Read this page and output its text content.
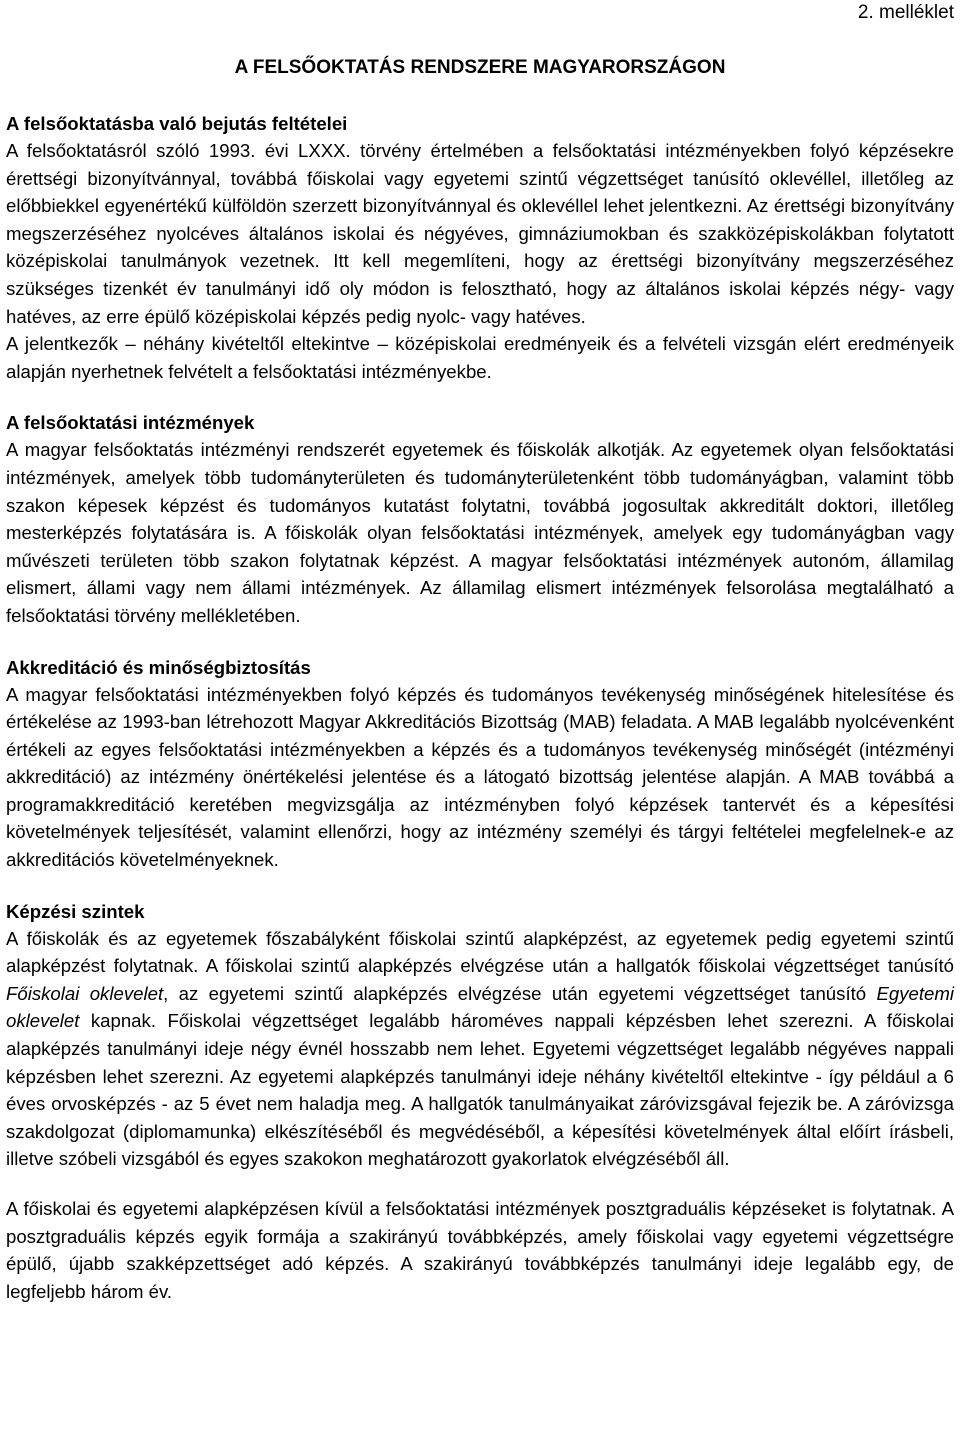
2. melléklet
A FELSŐOKTATÁS RENDSZERE MAGYARORSZÁGON
A felsőoktatásba való bejutás feltételei

A felsőoktatásról szóló 1993. évi LXXX. törvény értelmében a felsőoktatási intézményekben folyó képzésekre érettségi bizonyítvánnyal, továbbá főiskolai vagy egyetemi szintű végzettséget tanúsító oklevéllel, illetőleg az előbbiekkel egyenértékű külföldön szerzett bizonyítvánnyal és oklevéllel lehet jelentkezni. Az érettségi bizonyítvány megszerzéséhez nyolcéves általános iskolai és négyéves, gimnáziumokban és szakközépiskolákban folytatott középiskolai tanulmányok vezetnek. Itt kell megemlíteni, hogy az érettségi bizonyítvány megszerzéséhez szükséges tizenkét év tanulmányi idő oly módon is felosztható, hogy az általános iskolai képzés négy- vagy hatéves, az erre épülő középiskolai képzés pedig nyolc- vagy hatéves.

A jelentkezők – néhány kivételtől eltekintve – középiskolai eredményeik és a felvételi vizsgán elért eredményeik alapján nyerhetnek felvételt a felsőoktatási intézményekbe.

A felsőoktatási intézmények

A magyar felsőoktatás intézményi rendszerét egyetemek és főiskolák alkotják. Az egyetemek olyan felsőoktatási intézmények, amelyek több tudományterületen és tudományterületenként több tudományágban, valamint több szakon képesek képzést és tudományos kutatást folytatni, továbbá jogosultak akkreditált doktori, illetőleg mesterképzés folytatására is. A főiskolák olyan felsőoktatási intézmények, amelyek egy tudományágban vagy művészeti területen több szakon folytatnak képzést. A magyar felsőoktatási intézmények autonóm, államilag elismert, állami vagy nem állami intézmények. Az államilag elismert intézmények felsorolása megtalálható a felsőoktatási törvény mellékletében.

Akkreditáció és minőségbiztosítás

A magyar felsőoktatási intézményekben folyó képzés és tudományos tevékenység minőségének hitelesítése és értékelése az 1993-ban létrehozott Magyar Akkreditációs Bizottság (MAB) feladata. A MAB legalább nyolcévenként értékeli az egyes felsőoktatási intézményekben a képzés és a tudományos tevékenység minőségét (intézményi akkreditáció) az intézmény önértékelési jelentése és a látogató bizottság jelentése alapján. A MAB továbbá a programakkreditáció keretében megvizsgálja az intézményben folyó képzések tantervét és a képesítési követelmények teljesítését, valamint ellenőrzi, hogy az intézmény személyi és tárgyi feltételei megfelelnek-e az akkreditációs követelményeknek.

Képzési szintek

A főiskolák és az egyetemek főszabályként főiskolai szintű alapképzést, az egyetemek pedig egyetemi szintű alapképzést folytatnak. A főiskolai szintű alapképzés elvégzése után a hallgatók főiskolai végzettséget tanúsító Főiskolai oklevelet, az egyetemi szintű alapképzés elvégzése után egyetemi végzettséget tanúsító Egyetemi oklevelet kapnak. Főiskolai végzettséget legalább hároméves nappali képzésben lehet szerezni. A főiskolai alapképzés tanulmányi ideje négy évnél hosszabb nem lehet. Egyetemi végzettséget legalább négyéves nappali képzésben lehet szerezni. Az egyetemi alapképzés tanulmányi ideje néhány kivételtől eltekintve - így például a 6 éves orvosképzés - az 5 évet nem haladja meg. A hallgatók tanulmányaikat záróvizsgával fejezik be. A záróvizsga szakdolgozat (diplomamunka) elkészítéséből és megvédéséből, a képesítési követelmények által előírt írásbeli, illetve szóbeli vizsgából és egyes szakokon meghatározott gyakorlatok elvégzéséből áll.

A főiskolai és egyetemi alapképzésen kívül a felsőoktatási intézmények posztgraduális képzéseket is folytatnak. A posztgraduális képzés egyik formája a szakirányú továbbképzés, amely főiskolai vagy egyetemi végzettségre épülő, újabb szakképzettséget adó képzés. A szakirányú továbbképzés tanulmányi ideje legalább egy, de legfeljebb három év.
